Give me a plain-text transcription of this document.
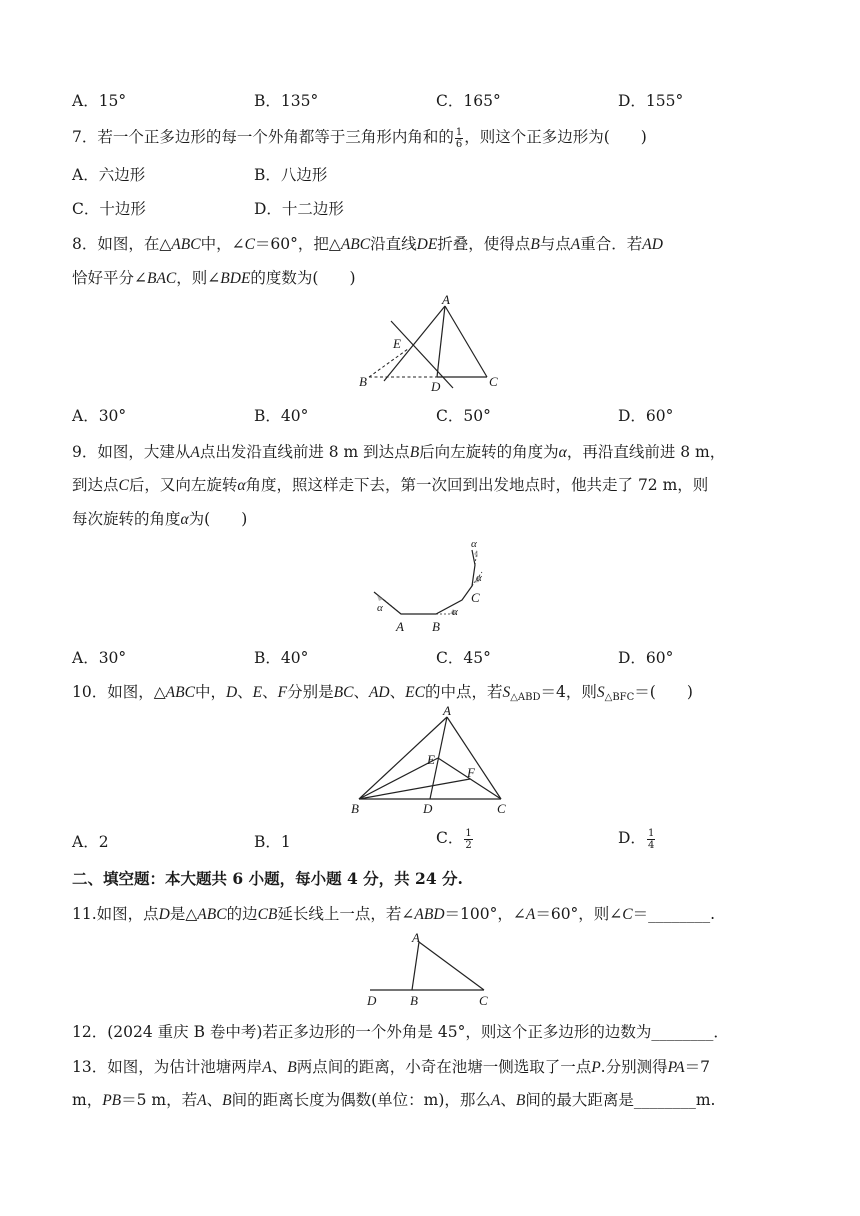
A．15°	B．135°	C．165°	D．155°
7．若一个正多边形的每一个外角都等于三角形内角和的 $\frac{1}{6}$ ，则这个正多边形为(　　)
A．六边形	B．八边形
C．十边形	D．十二边形
8．如图，在△ABC中，∠C＝60°，把△ABC沿直线DE折叠，使得点B与点A重合．若AD
恰好平分∠BAC，则∠BDE的度数为(　　)
A
E
B	D	C
A．30°	B．40°	C．50°	D．60°
9．如图，大建从A点出发沿直线前进 8 m 到达点B后向左旋转的角度为α，再沿直线前进 8 m，
到达点C后，又向左旋转α角度，照这样走下去，第一次回到出发地点时，他共走了 72 m，则
每次旋转的角度α为(　　)
α	α
α
α
A B
C
A．30°	B．40°	C．45°	D．60°
10．如图，△ABC中，D、E、F分别是BC、AD、EC的中点，若$S_{\triangle ABD}=4$，则$S_{\triangle BFC}=$(　　)
A
E
F
B	D	C
A．2	B．1	C． $\frac{1}{2}$	D． $\frac{1}{4}$
二、填空题：本大题共 6 小题，每小题 4 分，共 24 分.
11.如图，点D是△ABC的边CB延长线上一点，若∠ABD＝100°，∠A＝60°，则∠C＝________.
A
D	B	C
12．(2024 重庆 B 卷中考)若正多边形的一个外角是 45°，则这个正多边形的边数为________．
13．如图，为估计池塘两岸A、B两点间的距离，小奇在池塘一侧选取了一点P.分别测得PA＝7
m，PB＝5 m，若A、B间的距离长度为偶数(单位：m)，那么A、B间的最大距离是________m.
